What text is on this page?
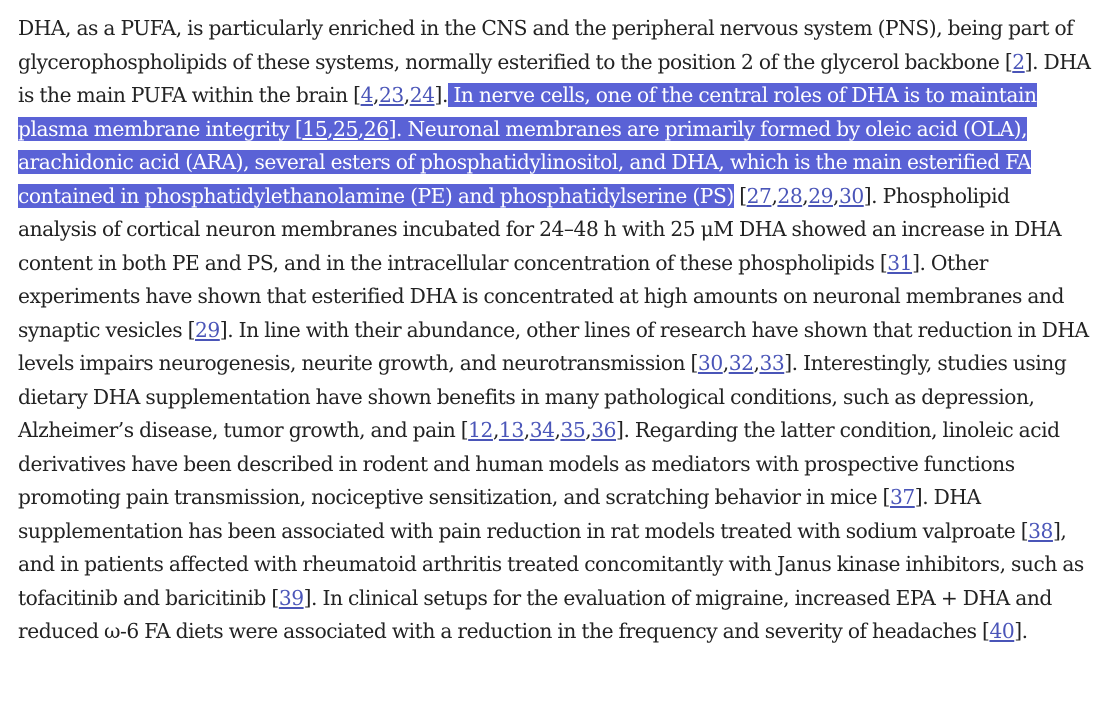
DHA, as a PUFA, is particularly enriched in the CNS and the peripheral nervous system (PNS), being part of glycerophospholipids of these systems, normally esterified to the position 2 of the glycerol backbone [2]. DHA is the main PUFA within the brain [4,23,24]. In nerve cells, one of the central roles of DHA is to maintain plasma membrane integrity [15,25,26]. Neuronal membranes are primarily formed by oleic acid (OLA), arachidonic acid (ARA), several esters of phosphatidylinositol, and DHA, which is the main esterified FA contained in phosphatidylethanolamine (PE) and phosphatidylserine (PS) [27,28,29,30]. Phospholipid analysis of cortical neuron membranes incubated for 24–48 h with 25 μM DHA showed an increase in DHA content in both PE and PS, and in the intracellular concentration of these phospholipids [31]. Other experiments have shown that esterified DHA is concentrated at high amounts on neuronal membranes and synaptic vesicles [29]. In line with their abundance, other lines of research have shown that reduction in DHA levels impairs neurogenesis, neurite growth, and neurotransmission [30,32,33]. Interestingly, studies using dietary DHA supplementation have shown benefits in many pathological conditions, such as depression, Alzheimer’s disease, tumor growth, and pain [12,13,34,35,36]. Regarding the latter condition, linoleic acid derivatives have been described in rodent and human models as mediators with prospective functions promoting pain transmission, nociceptive sensitization, and scratching behavior in mice [37]. DHA supplementation has been associated with pain reduction in rat models treated with sodium valproate [38], and in patients affected with rheumatoid arthritis treated concomitantly with Janus kinase inhibitors, such as tofacitinib and baricitinib [39]. In clinical setups for the evaluation of migraine, increased EPA + DHA and reduced ω-6 FA diets were associated with a reduction in the frequency and severity of headaches [40].
